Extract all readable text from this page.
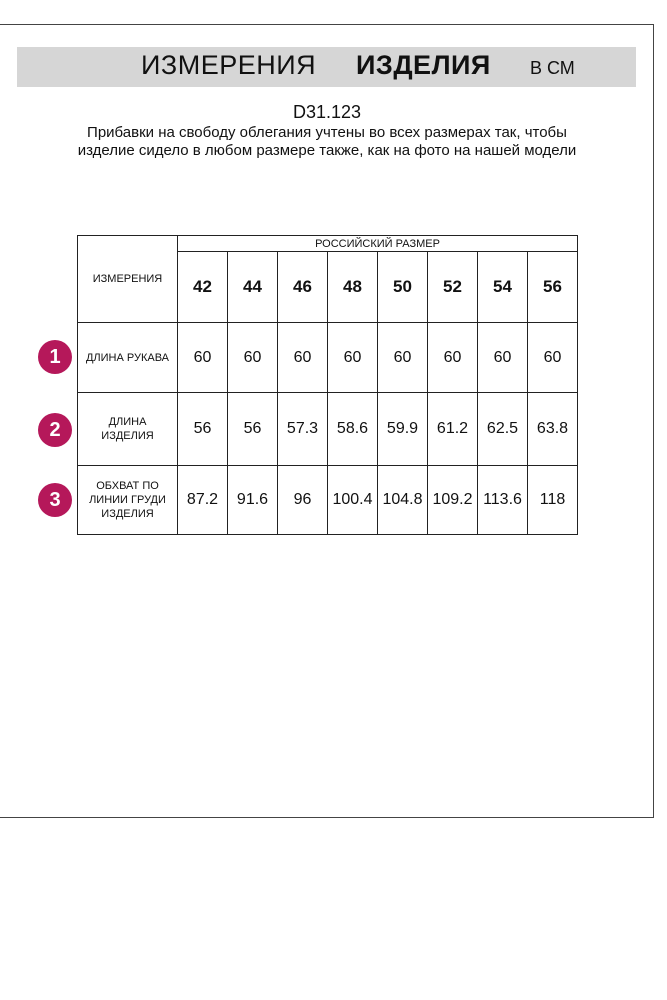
ИЗМЕРЕНИЯ ИЗДЕЛИЯ В СМ
D31.123
Прибавки на свободу облегания учтены во всех размерах так, чтобы изделие сидело в любом размере также, как на фото на нашей модели
1
2
3
ИЗМЕРЕНИЯ	РОССИЙСКИЙ РАЗМЕР							
	42	44	46	48	50	52	54	56
ДЛИНА РУКАВА	60	60	60	60	60	60	60	60
ДЛИНА ИЗДЕЛИЯ	56	56	57.3	58.6	59.9	61.2	62.5	63.8
ОБХВАТ ПО ЛИНИИ ГРУДИ ИЗДЕЛИЯ	87.2	91.6	96	100.4	104.8	109.2	113.6	118
